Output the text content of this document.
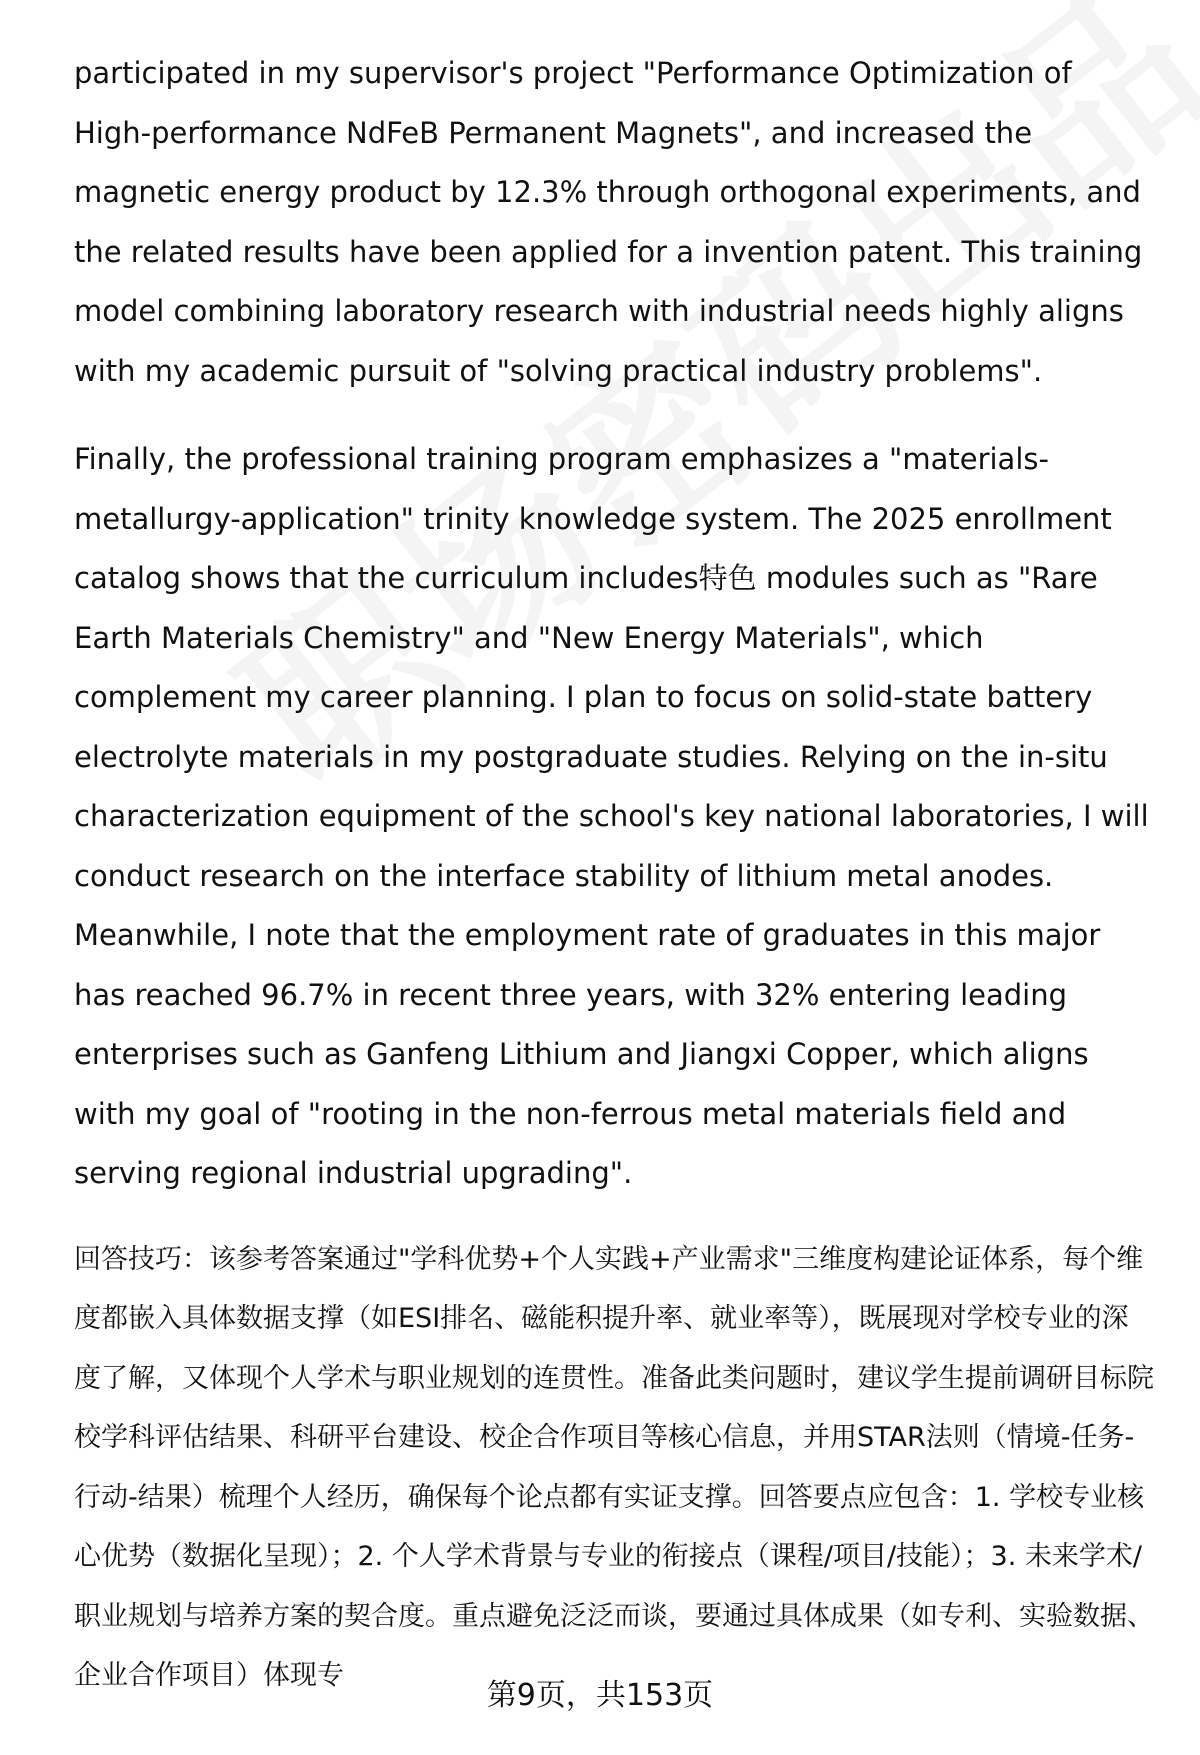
participated in my supervisor's project "Performance Optimization of High-performance NdFeB Permanent Magnets", and increased the magnetic energy product by 12.3% through orthogonal experiments, and the related results have been applied for a invention patent. This training model combining laboratory research with industrial needs highly aligns with my academic pursuit of "solving practical industry problems".

Finally, the professional training program emphasizes a "materials-metallurgy-application" trinity knowledge system. The 2025 enrollment catalog shows that the curriculum includes特色 modules such as "Rare Earth Materials Chemistry" and "New Energy Materials", which complement my career planning. I plan to focus on solid-state battery electrolyte materials in my postgraduate studies. Relying on the in-situ characterization equipment of the school's key national laboratories, I will conduct research on the interface stability of lithium metal anodes. Meanwhile, I note that the employment rate of graduates in this major has reached 96.7% in recent three years, with 32% entering leading enterprises such as Ganfeng Lithium and Jiangxi Copper, which aligns with my goal of "rooting in the non-ferrous metal materials field and serving regional industrial upgrading".

回答技巧：该参考答案通过"学科优势+个人实践+产业需求"三维度构建论证体系，每个维度都嵌入具体数据支撑（如ESI排名、磁能积提升率、就业率等），既展现对学校专业的深度了解，又体现个人学术与职业规划的连贯性。准备此类问题时，建议学生提前调研目标院校学科评估结果、科研平台建设、校企合作项目等核心信息，并用STAR法则（情境-任务-行动-结果）梳理个人经历，确保每个论点都有实证支撑。回答要点应包含：1. 学校专业核心优势（数据化呈现）；2. 个人学术背景与专业的衔接点（课程/项目/技能）；3. 未来学术/职业规划与培养方案的契合度。重点避免泛泛而谈，要通过具体成果（如专利、实验数据、企业合作项目）体现专

第9页，共153页
